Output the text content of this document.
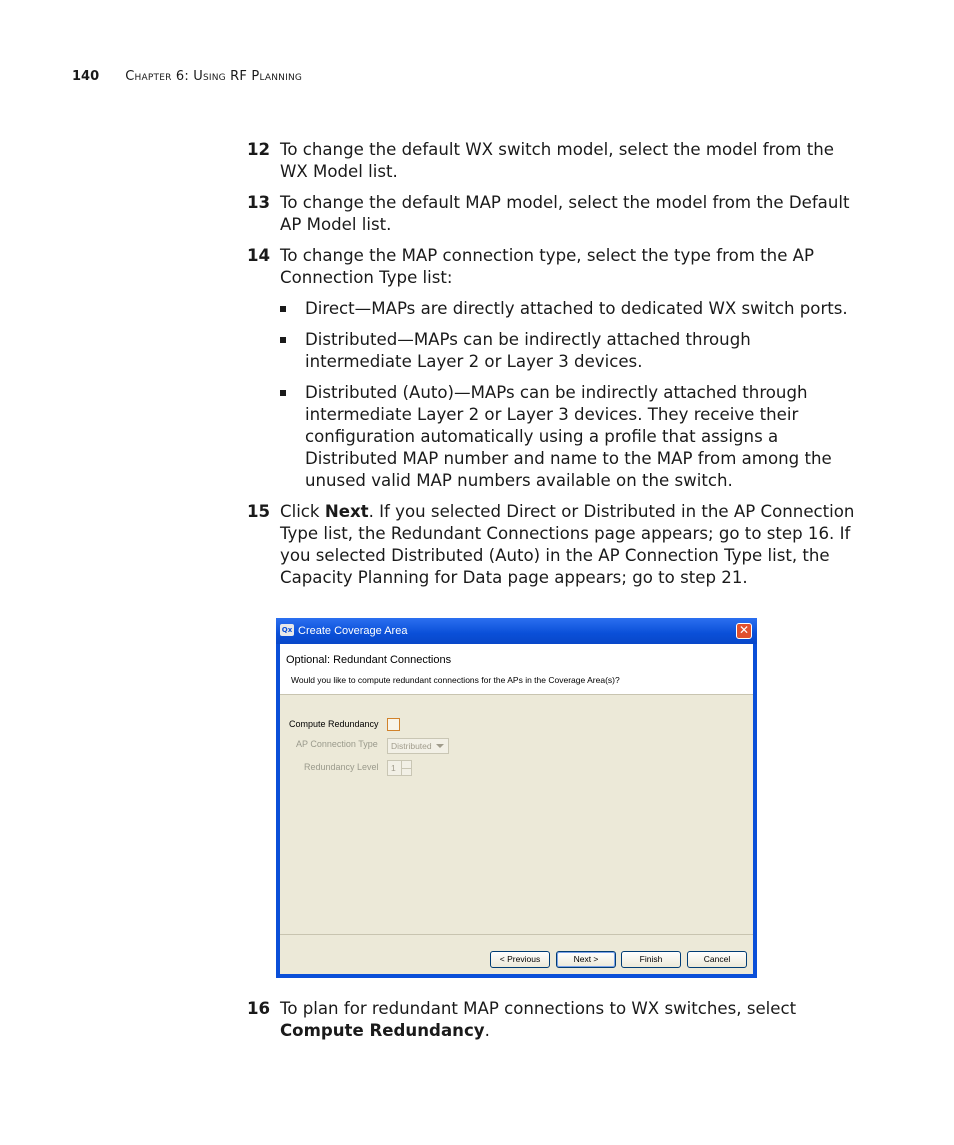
140 Chapter 6: Using RF Planning
12 To change the default WX switch model, select the model from the WX Model list.
13 To change the default MAP model, select the model from the Default AP Model list.
14 To change the MAP connection type, select the type from the AP Connection Type list:
Direct—MAPs are directly attached to dedicated WX switch ports.
Distributed—MAPs can be indirectly attached through intermediate Layer 2 or Layer 3 devices.
Distributed (Auto)—MAPs can be indirectly attached through intermediate Layer 2 or Layer 3 devices. They receive their configuration automatically using a profile that assigns a Distributed MAP number and name to the MAP from among the unused valid MAP numbers available on the switch.
15 Click Next. If you selected Direct or Distributed in the AP Connection Type list, the Redundant Connections page appears; go to step 16. If you selected Distributed (Auto) in the AP Connection Type list, the Capacity Planning for Data page appears; go to step 21.
Qx Create Coverage Area	✕
Optional: Redundant Connections
Would you like to compute redundant connections for the APs in the Coverage Area(s)?
Compute Redundancy
AP Connection Type Distributed
Redundancy Level 1
< Previous	Next >	Finish	Cancel
16 To plan for redundant MAP connections to WX switches, select Compute Redundancy.
